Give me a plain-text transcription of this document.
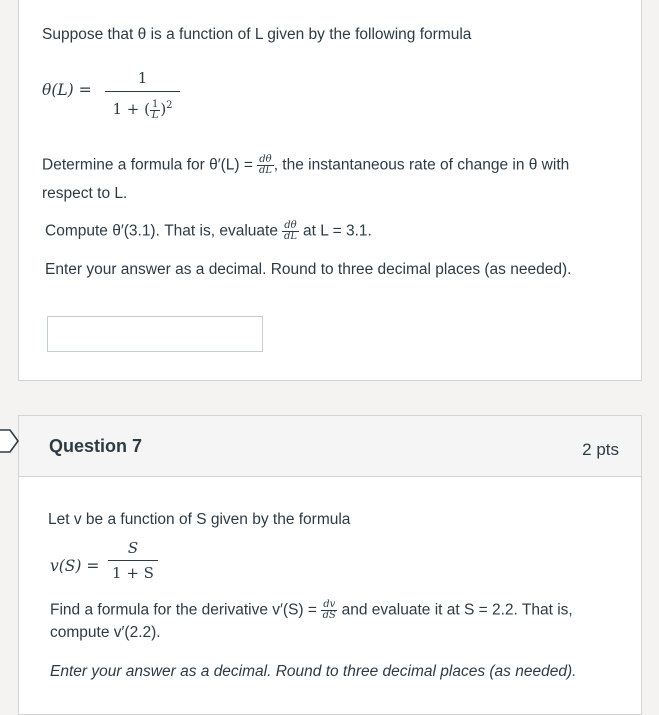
Suppose that θ is a function of L given by the following formula
θ(L) =
1
1 + ( $\frac{1}{L} )^2$
Determine a formula for $\theta'(L) = \frac{d\theta}{dL}$ , the instantaneous rate of change in θ with
respect to L.
Compute θ′(3.1). That is, evaluate $\frac{d\theta}{dL}$ at L = 3.1.
Enter your answer as a decimal. Round to three decimal places (as needed).
Question 7	2 pts
Let v be a function of S given by the formula
v(S) =
S
1 + S
Find a formula for the derivative $v'(S) = \frac{dv}{dS}$ and evaluate it at S = 2.2. That is,
compute v′(2.2).
Enter your answer as a decimal. Round to three decimal places (as needed).
